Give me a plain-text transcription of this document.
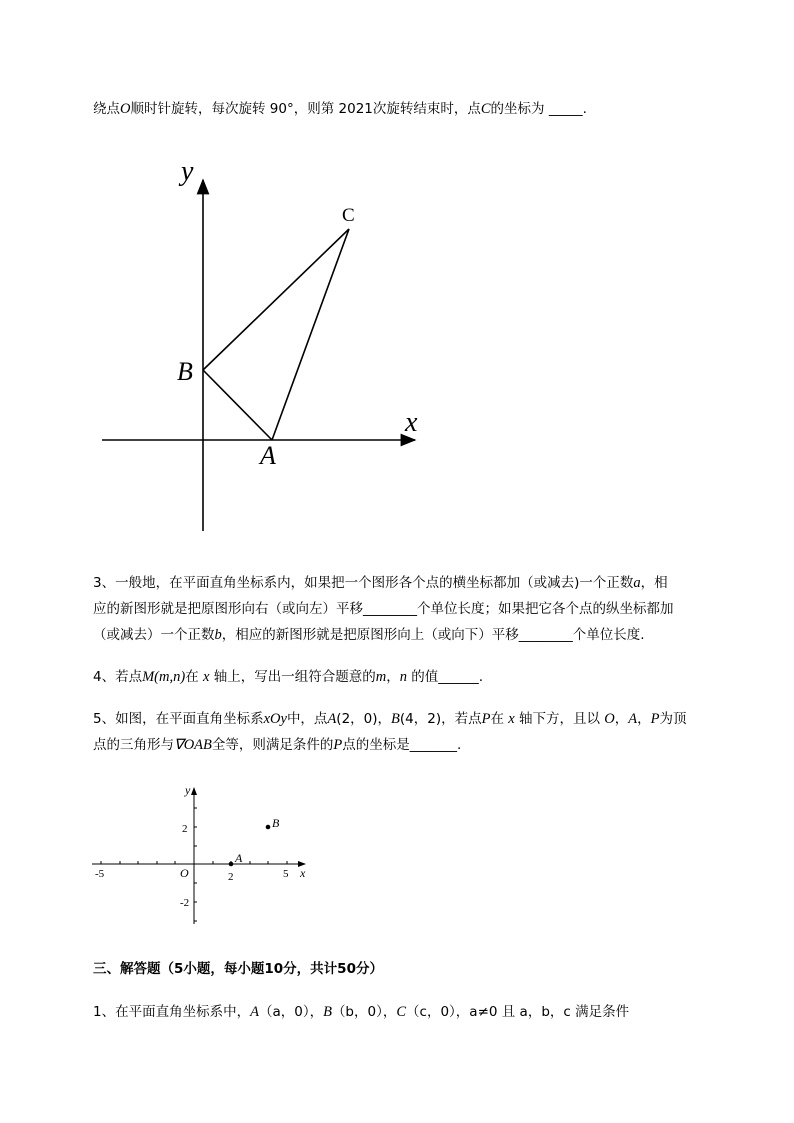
绕点O顺时针旋转，每次旋转 90°，则第 2021次旋转结束时，点C的坐标为 _____.
y
x
B
A
C
y
x
O
2
-2
-5	2	5
A
B
3、一般地，在平面直角坐标系内，如果把一个图形各个点的横坐标都加（或减去)一个正数a，相
应的新图形就是把原图形向右（或向左）平移________个单位长度；如果把它各个点的纵坐标都加
（或减去）一个正数b，相应的新图形就是把原图形向上（或向下）平移________个单位长度.
4、若点M(m,n)在 x 轴上，写出一组符合题意的m，n 的值______.
5、如图，在平面直角坐标系xOy中，点A(2，0)，B(4，2)，若点P在 x 轴下方，且以 O，A，P为顶
点的三角形与∇OAB全等，则满足条件的P点的坐标是_______.
三、解答题（5小题，每小题10分，共计50分）
1、在平面直角坐标系中，A（a，0），B（b，0），C（c，0），a≠0 且 a，b，c 满足条件
